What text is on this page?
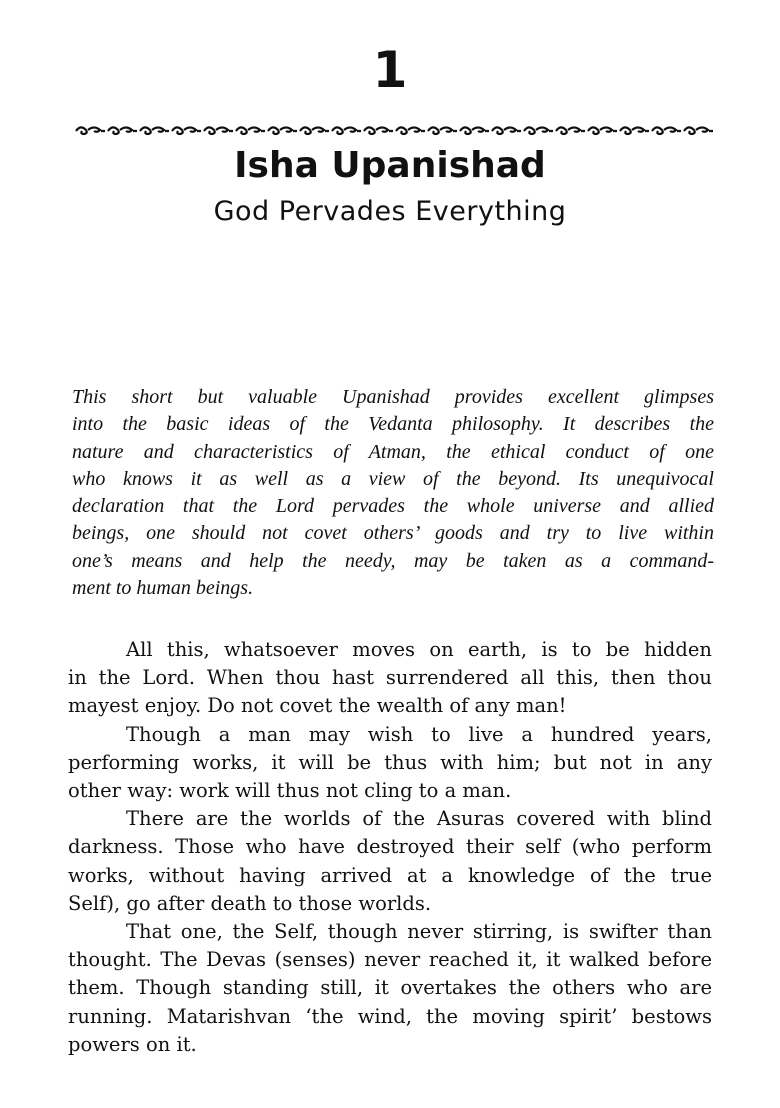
1
Isha Upanishad
God Pervades Everything
This short but valuable Upanishad provides excellent glimpses
into the basic ideas of the Vedanta philosophy. It describes the
nature and characteristics of Atman, the ethical conduct of one
who knows it as well as a view of the beyond. Its unequivocal
declaration that the Lord pervades the whole universe and allied
beings, one should not covet others’ goods and try to live within
one’s means and help the needy, may be taken as a command-
ment to human beings.
All this, whatsoever moves on earth, is to be hidden
in the Lord. When thou hast surrendered all this, then thou
mayest enjoy. Do not covet the wealth of any man!
Though a man may wish to live a hundred years,
performing works, it will be thus with him; but not in any
other way: work will thus not cling to a man.
There are the worlds of the Asuras covered with blind
darkness. Those who have destroyed their self (who perform
works, without having arrived at a knowledge of the true
Self), go after death to those worlds.
That one, the Self, though never stirring, is swifter than
thought. The Devas (senses) never reached it, it walked before
them. Though standing still, it overtakes the others who are
running. Matarishvan ‘the wind, the moving spirit’ bestows
powers on it.
